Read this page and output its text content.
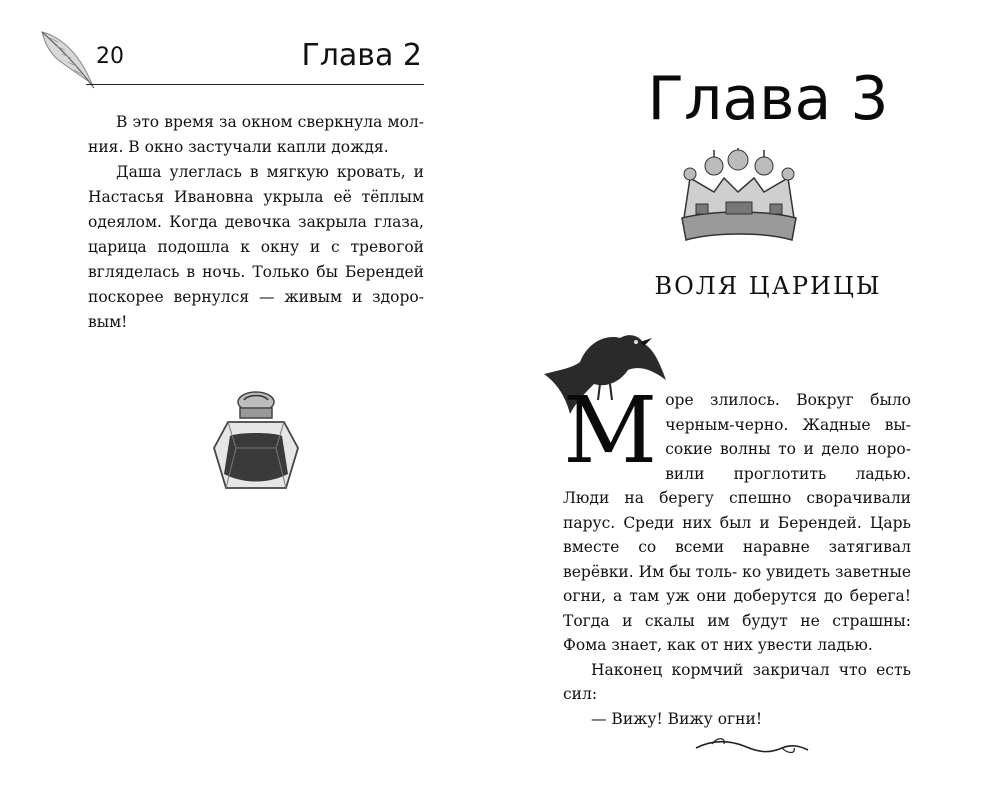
20	Глава 2

В это время за окном сверкнула мол- ния. В окно застучали капли дождя.

Даша улеглась в мягкую кровать, и Настасья Ивановна укрыла её тёплым одеялом. Когда девочка закрыла глаза, царица подошла к окну и с тревогой вгляделась в ночь. Только бы Берендей поскорее вернулся — живым и здоро- вым!

Глава 3
ВОЛЯ ЦАРИЦЫ

М оре злилось. Вокруг было черным-черно. Жадные вы- сокие волны то и дело норо- вили проглотить ладью. Люди на берегу спешно сворачивали парус. Среди них был и Берендей. Царь вместе со всеми наравне затягивал верёвки. Им бы толь- ко увидеть заветные огни, а там уж они доберутся до берега! Тогда и скалы им будут не страшны: Фома знает, как от них увести ладью.

Наконец кормчий закричал что есть сил:

— Вижу! Вижу огни!
